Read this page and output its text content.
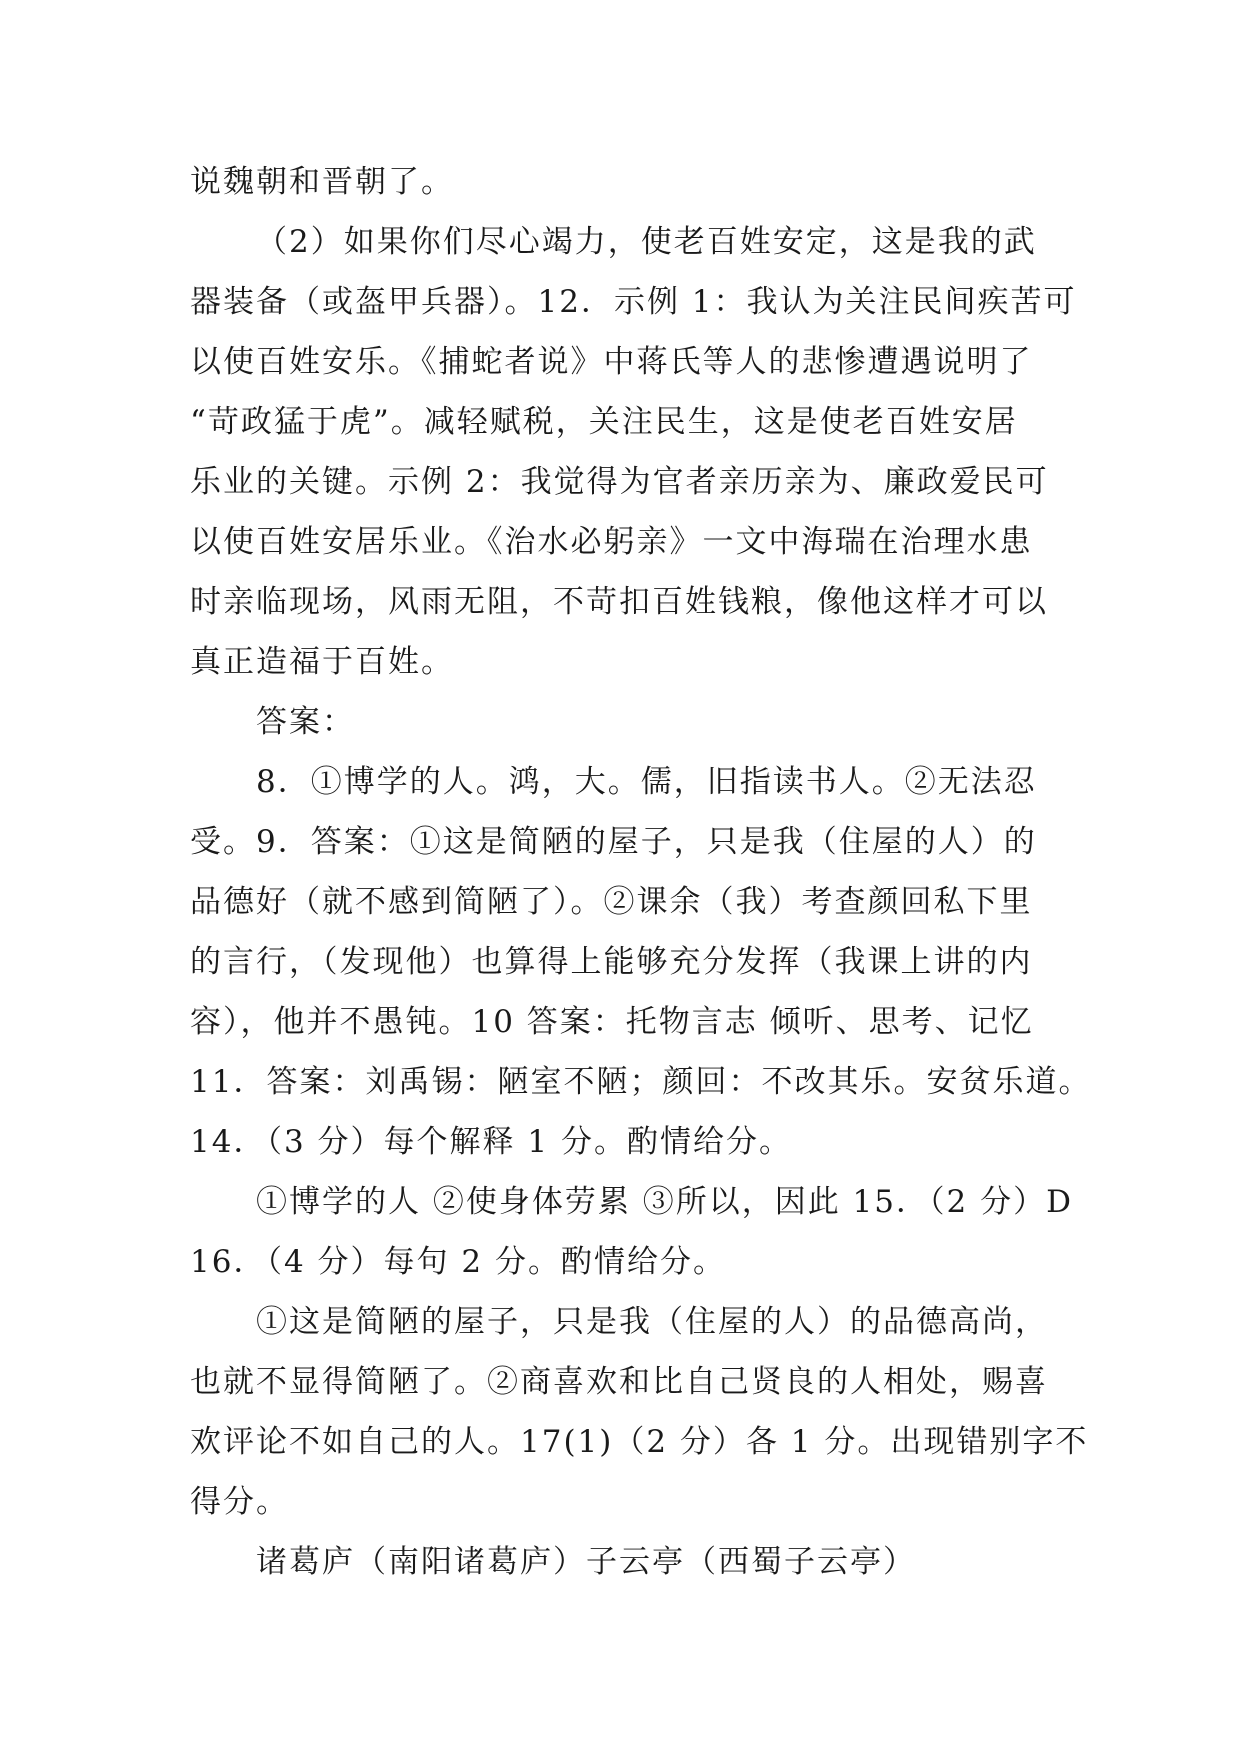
说魏朝和晋朝了。
（2）如果你们尽心竭力，使老百姓安定，这是我的武
器装备（或盔甲兵器）。12．示例 1：我认为关注民间疾苦可
以使百姓安乐。《捕蛇者说》中蒋氏等人的悲惨遭遇说明了
“苛政猛于虎”。减轻赋税，关注民生，这是使老百姓安居
乐业的关键。示例 2：我觉得为官者亲历亲为、廉政爱民可
以使百姓安居乐业。《治水必躬亲》一文中海瑞在治理水患
时亲临现场，风雨无阻，不苛扣百姓钱粮，像他这样才可以
真正造福于百姓。
答案：
8．①博学的人。鸿，大。儒，旧指读书人。②无法忍
受。9．答案：①这是简陋的屋子，只是我（住屋的人）的
品德好（就不感到简陋了）。②课余（我）考查颜回私下里
的言行，（发现他）也算得上能够充分发挥（我课上讲的内
容），他并不愚钝。10 答案：托物言志 倾听、思考、记忆
11．答案：刘禹锡：陋室不陋；颜回：不改其乐。安贫乐道。
14．（3 分）每个解释 1 分。酌情给分。
①博学的人 ②使身体劳累 ③所以，因此 15．（2 分）D
16．（4 分）每句 2 分。酌情给分。
①这是简陋的屋子，只是我（住屋的人）的品德高尚，
也就不显得简陋了。②商喜欢和比自己贤良的人相处，赐喜
欢评论不如自己的人。17(1)（2 分）各 1 分。出现错别字不
得分。
诸葛庐（南阳诸葛庐）子云亭（西蜀子云亭）
